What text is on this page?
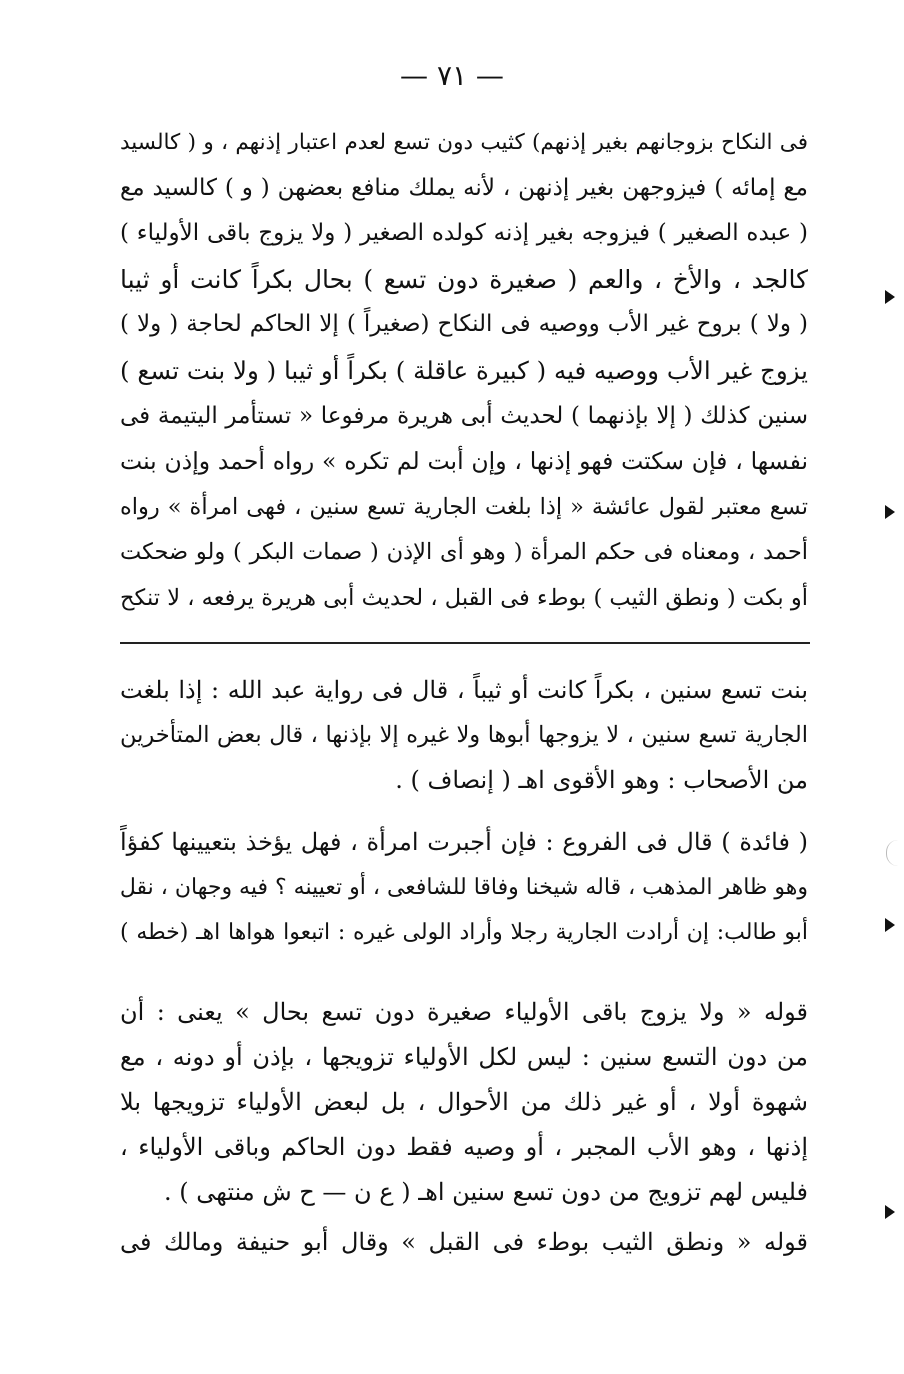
— ٧١ —
فى النكاح بزوجانهم بغير إذنهم) كثيب دون تسع لعدم اعتبار إذنهم ، و ( كالسيد
مع إمائه ) فيزوجهن بغير إذنهن ، لأنه يملك منافع بعضهن ( و ) كالسيد مع
( عبده الصغير ) فيزوجه بغير إذنه كولده الصغير ( ولا يزوج باقى الأولياء )
كالجد ، والأخ ، والعم ( صغيرة دون تسع ) بحال بكراً كانت أو ثيبا
( ولا ) بروح غير الأب ووصيه فى النكاح (صغيراً ) إلا الحاكم لحاجة ( ولا )
يزوج غير الأب ووصيه فيه ( كبيرة عاقلة ) بكراً أو ثيبا ( ولا بنت تسع )
سنين كذلك ( إلا بإذنهما ) لحديث أبى هريرة مرفوعا « تستأمر اليتيمة فى
نفسها ، فإن سكتت فهو إذنها ، وإن أبت لم تكره » رواه أحمد وإذن بنت
تسع معتبر لقول عائشة « إذا بلغت الجارية تسع سنين ، فهى امرأة » رواه
أحمد ، ومعناه فى حكم المرأة ( وهو أى الإذن ( صمات البكر ) ولو ضحكت
أو بكت ( ونطق الثيب ) بوطء فى القبل ، لحديث أبى هريرة يرفعه ، لا تنكح
بنت تسع سنين ، بكراً كانت أو ثيباً ، قال فى رواية عبد الله : إذا بلغت
الجارية تسع سنين ، لا يزوجها أبوها ولا غيره إلا بإذنها ، قال بعض المتأخرين
من الأصحاب : وهو الأقوى اهـ ( إنصاف ) .
( فائدة ) قال فى الفروع : فإن أجبرت امرأة ، فهل يؤخذ بتعيينها كفؤاً
وهو ظاهر المذهب ، قاله شيخنا وفاقا للشافعى ، أو تعيينه ؟ فيه وجهان ، نقل
أبو طالب: إن أرادت الجارية رجلا وأراد الولى غيره : اتبعوا هواها اهـ (خطه )
قوله « ولا يزوج باقى الأولياء صغيرة دون تسع بحال » يعنى : أن
من دون التسع سنين : ليس لكل الأولياء تزويجها ، بإذن أو دونه ، مع
شهوة أولا ، أو غير ذلك من الأحوال ، بل لبعض الأولياء تزويجها بلا
إذنها ، وهو الأب المجبر ، أو وصيه فقط دون الحاكم وباقى الأولياء ،
فليس لهم تزويج من دون تسع سنين اهـ ( ع ن — ح ش منتهى ) .
قوله « ونطق الثيب بوطء فى القبل » وقال أبو حنيفة ومالك فى
